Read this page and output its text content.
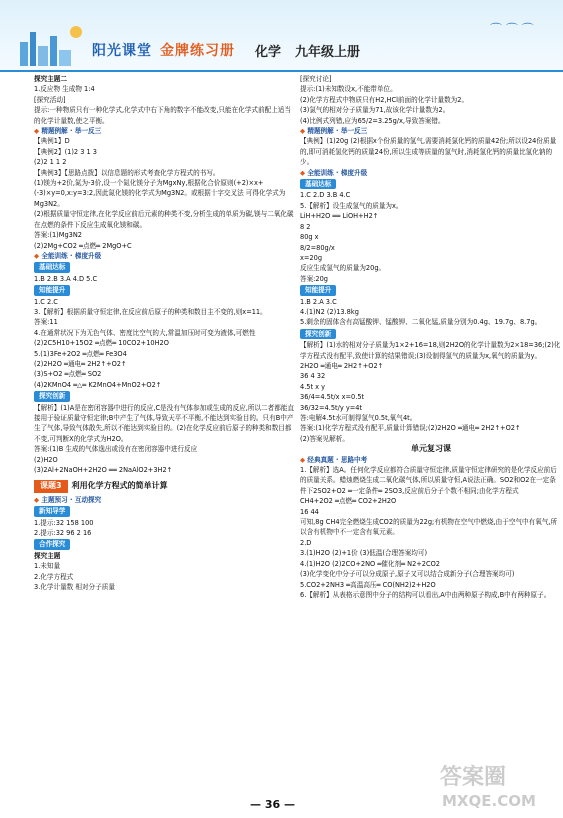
阳光课堂 金牌练习册 化学 九年级上册
⌒ ⌒ ⌒

探究主题二

1.反应物 生成物 1:4

[探究活动]

提示:一种物质只有一种化学式,化学式中右下角的数字不能改变,只能在化学式前配上适当的化学计量数,使之平衡。

◆ 精题例解 · 举一反三

【典例1】D

【典例2】(1)2 3 1 3

(2)2 1 1 2

【典例3】【思路点拨】以信息题的形式考查化学方程式的书写。

(1)镁为+2价,氮为-3价,设一个氮化镁分子为MgxNy,根据化合价原则(+2)×x+(-3)×y=0,x:y=3:2,因此氮化镁的化学式为Mg3N2。或根据十字交叉法 可得化学式为Mg3N2。

(2)根据质量守恒定律,在化学反应前后元素的种类不变,分析生成的单质为碳,镁与二氧化碳在点燃的条件下反应生成氧化镁和碳。

答案:(1)Mg3N2

(2)2Mg+CO2 ═点燃═ 2MgO+C

◆ 全能训练 · 梯度升级

基础达标

1.B 2.B 3.A 4.D 5.C

知能提升

1.C 2.C

3.【解析】根据质量守恒定律,在反应前后原子的种类和数目主不变的,则x=11。

答案:11

4.在通常状况下为无色气体、密度比空气的大,常温加压时可变为液体,可燃性

(2)2C5H10+15O2 ═点燃═ 10CO2+10H2O

5.(1)3Fe+2O2 ═点燃═ Fe3O4

(2)2H2O ═通电═ 2H2↑+O2↑

(3)S+O2 ═点燃═ SO2

(4)2KMnO4 ═△═ K2MnO4+MnO2+O2↑

探究创新

【解析】(1)A是在密闭容器中进行的反应,C是没有气体参加或生成的反应,所以二者都能直接用于验证质量守恒定律;B中产生了气体,导致天平不平衡,不能达到实验目的。只有B中产生了气体,导致气体散失,所以不能达到实验目的。(2)在化学反应前后原子的种类和数目都不变,可判断X的化学式为H2O。

答案:(1)B 生成的气体逸出或没有在密闭容器中进行反应

(2)H2O

(3)2Al+2NaOH+2H2O ══ 2NaAlO2+3H2↑

课题3 利用化学方程式的简单计算

◆ 主题预习 · 互动探究

新知导学

1.提示:32 158 100

2.提示:32 96 2 16

合作探究

探究主题

1.未知量

2.化学方程式

3.化学计量数 相对分子质量

[探究讨论]

提示:(1)未知数设x,不能带单位。

(2)化学方程式中物质只有H2,HCl前面的化学计量数为2。

(3)氯气的相对分子质量为71,故该化学计量数为2。

(4)比例式列错,应为65/2=3.25g/x,导致答案错。

◆ 精题例解 · 举一反三

【典例】(1)20g (2)根据x个份质量的氢气,需要消耗氯化钙的质量42份;所以设24份质量的,即可消耗氢化钙的质量24份,所以生成等质量的氢气时,消耗氢化钙的质量比氢化钠的少。

◆ 全能训练 · 梯度升级

基础达标

1.C 2.D 3.B 4.C

5.【解析】设生成氢气的质量为x。

LiH+H2O ══ LiOH+H2↑

8 2

80g x

8/2=80g/x

x=20g

反应生成氢气的质量为20g。

答案:20g

知能提升

1.B 2.A 3.C

4.(1)N2 (2)13.8kg

5.剩余的固体含有高锰酸钾、锰酸钾、二氧化锰,质量分别为0.4g、19.7g、8.7g。

探究创新

【解析】(1)水的相对分子质量为1×2+16=18,则2H2O的化学计量数为2×18=36;(2)化学方程式没有配平,致使计算的结果错误;(3)设制得氢气的质量为x,氧气的质量为y。

2H2O ═通电═ 2H2↑+O2↑

36 4 32

4.5t x y

36/4=4.5t/x x=0.5t

36/32=4.5t/y y=4t

答:电解4.5t水可制得氢气0.5t,氧气4t。

答案:(1)化学方程式没有配平,质量计算错误;(2)2H2O ═通电═ 2H2↑+O2↑

(2)答案见解析。

单元复习课

◆ 经典真题 · 思路中考

1.【解析】选A。任何化学反应都符合质量守恒定律,质量守恒定律研究的是化学反应前后的质量关系。蜡烛燃烧生成二氧化碳气体,所以质量守恒,A说法正确。SO2和O2在一定条件下2SO2+O2 ═一定条件═ 2SO3,反应前后分子个数不相同;由化学方程式

CH4+2O2 ═点燃═ CO2+2H2O

16 44

可知,8g CH4完全燃烧生成CO2的质量为22g;有机物在空气中燃烧,由于空气中有氧气,所以含有机物中不一定含有氧元素。

2.D

3.(1)H2O (2)+1价 (3)低温(合理答案均可)

4.(1)H2O (2)2CO+2NO ═催化剂═ N2+2CO2

(3)化学变化中分子可以分成原子,原子又可以结合成新分子(合理答案均可)

5.CO2+2NH3 ═高温高压═ CO(NH2)2+H2O

6.【解析】从表格示意图中分子的结构可以看出,A中由两种原子构成,B中有两种原子。

— 36 —
答案圈
MXQE.COM
